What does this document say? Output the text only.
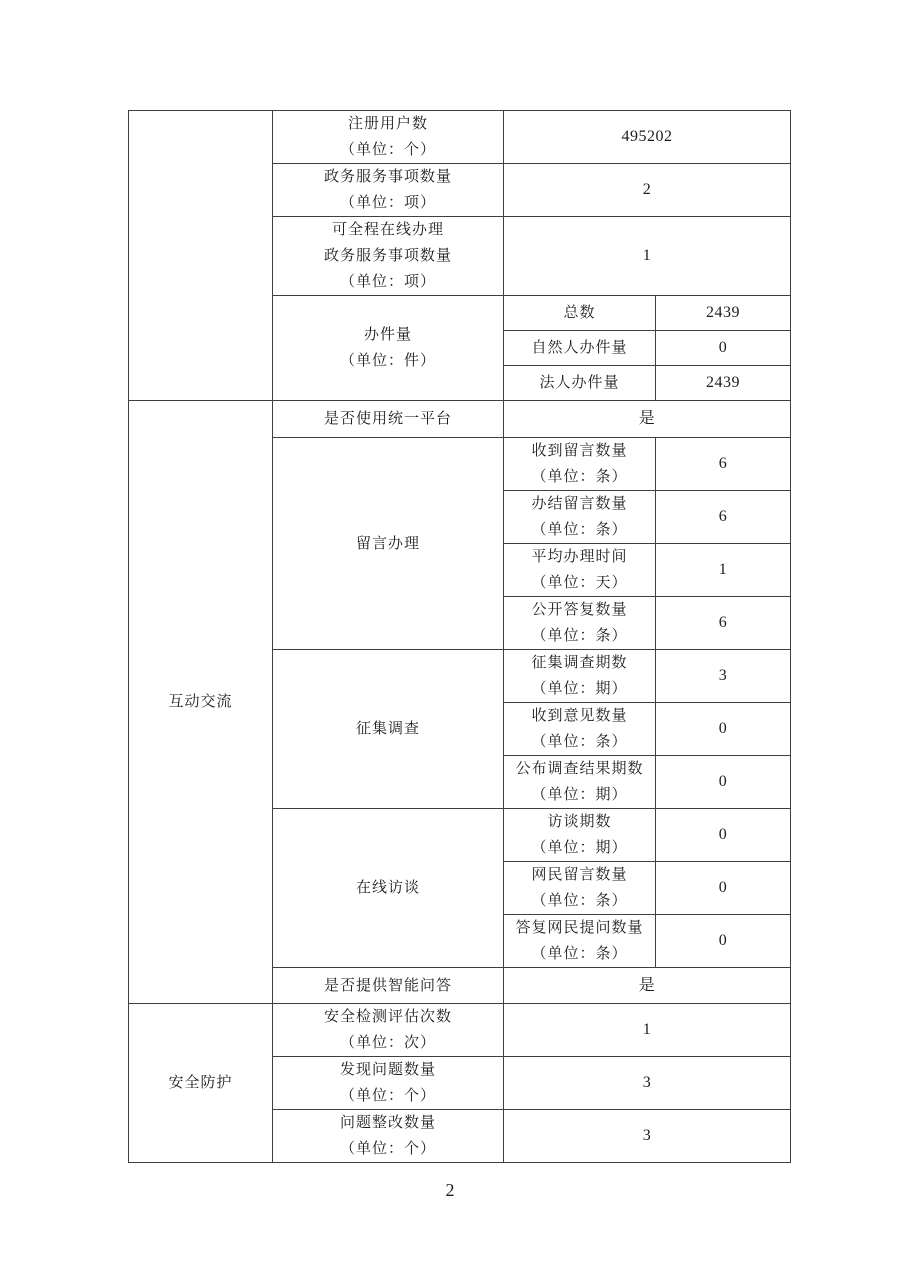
	注册用户数
（单位：个）	495202	

	政务服务事项数量
（单位：项）	2	

	可全程在线办理
政务服务事项数量
（单位：项）	1	

	办件量
（单位：件）	总数	2439

		自然人办件量	0

		法人办件量	2439

互动交流	是否使用统一平台	是	

	留言办理	收到留言数量
（单位：条）	6

		办结留言数量
（单位：条）	6

		平均办理时间
（单位：天）	1

		公开答复数量
（单位：条）	6

	征集调查	征集调查期数
（单位：期）	3

		收到意见数量
（单位：条）	0

		公布调查结果期数
（单位：期）	0

	在线访谈	访谈期数
（单位：期）	0

		网民留言数量
（单位：条）	0

		答复网民提问数量
（单位：条）	0

	是否提供智能问答	是	

安全防护	安全检测评估次数
（单位：次）	1	

	发现问题数量
（单位：个）	3	

	问题整改数量
（单位：个）	3	
2
